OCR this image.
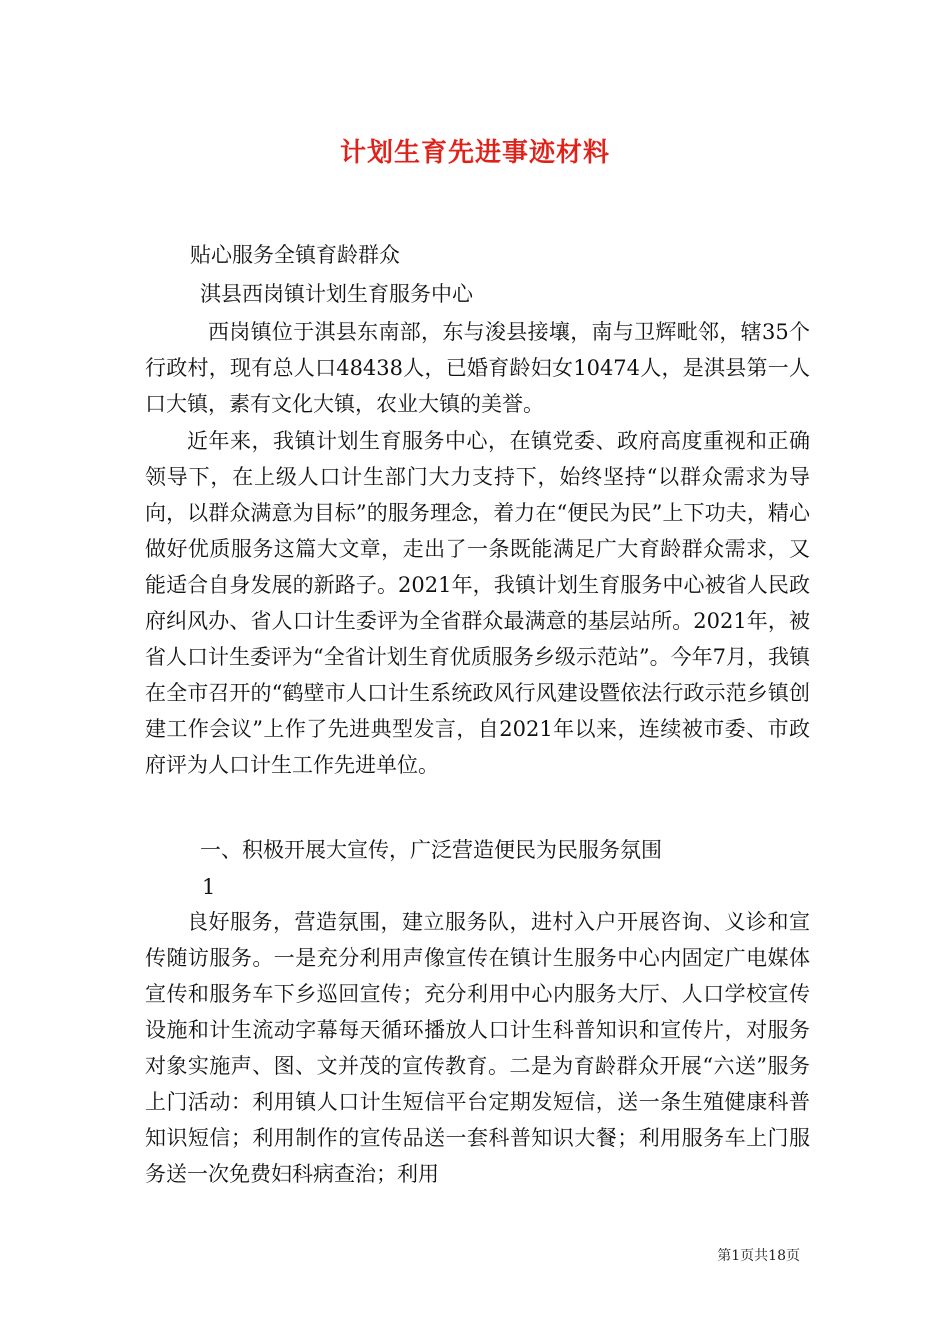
计划生育先进事迹材料
贴心服务全镇育龄群众
淇县西岗镇计划生育服务中心

西岗镇位于淇县东南部，东与浚县接壤，南与卫辉毗邻，辖35个行政村，现有总人口48438人，已婚育龄妇女10474人，是淇县第一人口大镇，素有文化大镇，农业大镇的美誉。

近年来，我镇计划生育服务中心，在镇党委、政府高度重视和正确领导下，在上级人口计生部门大力支持下，始终坚持“以群众需求为导向，以群众满意为目标”的服务理念，着力在“便民为民”上下功夫，精心做好优质服务这篇大文章，走出了一条既能满足广大育龄群众需求，又能适合自身发展的新路子。2021年，我镇计划生育服务中心被省人民政府纠风办、省人口计生委评为全省群众最满意的基层站所。2021年，被省人口计生委评为“全省计划生育优质服务乡级示范站”。今年7月，我镇在全市召开的“鹤壁市人口计生系统政风行风建设暨依法行政示范乡镇创建工作会议”上作了先进典型发言，自2021年以来，连续被市委、市政府评为人口计生工作先进单位。

一、积极开展大宣传，广泛营造便民为民服务氛围
1

良好服务，营造氛围，建立服务队，进村入户开展咨询、义诊和宣传随访服务。一是充分利用声像宣传在镇计生服务中心内固定广电媒体宣传和服务车下乡巡回宣传；充分利用中心内服务大厅、人口学校宣传设施和计生流动字幕每天循环播放人口计生科普知识和宣传片，对服务对象实施声、图、文并茂的宣传教育。二是为育龄群众开展“六送”服务上门活动：利用镇人口计生短信平台定期发短信，送一条生殖健康科普知识短信；利用制作的宣传品送一套科普知识大餐；利用服务车上门服务送一次免费妇科病查治；利用

第1页共18页
